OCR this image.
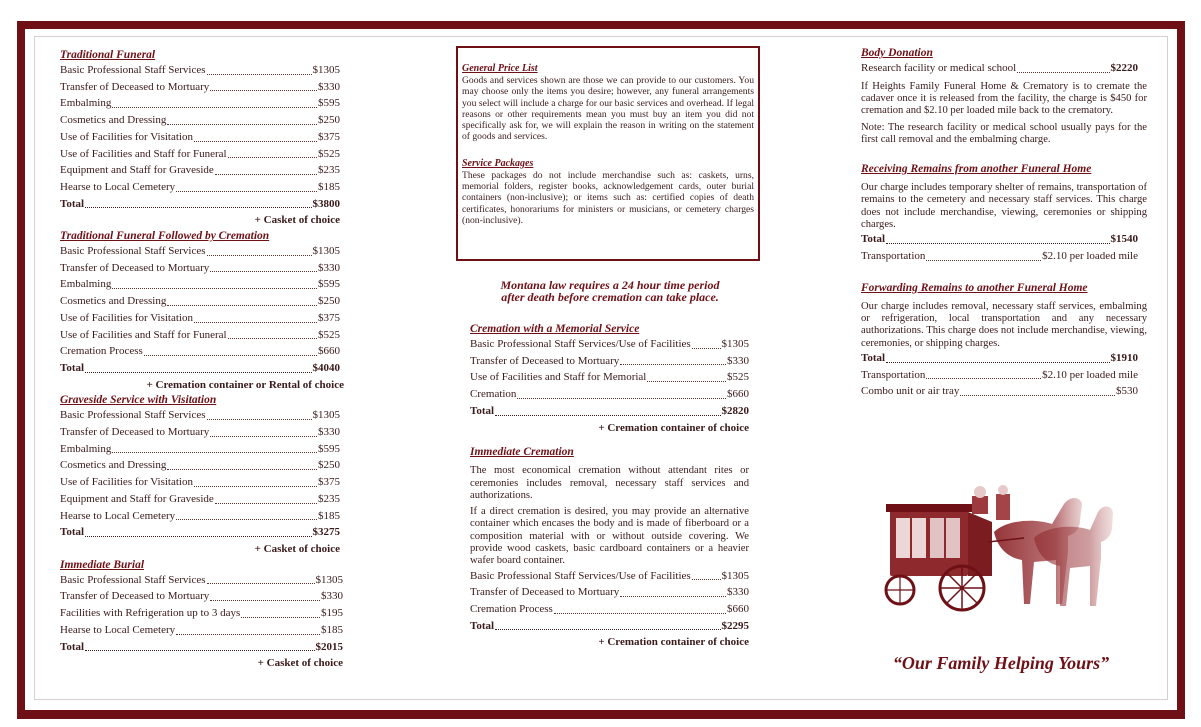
Traditional Funeral
Basic Professional Staff Services	$1305
Transfer of Deceased to Mortuary	$330
Embalming	$595
Cosmetics and Dressing	$250
Use of Facilities for Visitation	$375
Use of Facilities and Staff for Funeral	$525
Equipment and Staff for Graveside	$235
Hearse to Local Cemetery	$185
Total	$3800
+ Casket of choice
Traditional Funeral Followed by Cremation
Basic Professional Staff Services	$1305
Transfer of Deceased to Mortuary	$330
Embalming	$595
Cosmetics and Dressing	$250
Use of Facilities for Visitation	$375
Use of Facilities and Staff for Funeral	$525
Cremation Process	$660
Total	$4040
+ Cremation container or Rental of choice
Graveside Service with Visitation
Basic Professional Staff Services	$1305
Transfer of Deceased to Mortuary	$330
Embalming	$595
Cosmetics and Dressing	$250
Use of Facilities for Visitation	$375
Equipment and Staff for Graveside	$235
Hearse to Local Cemetery	$185
Total	$3275
+ Casket of choice
Immediate Burial
Basic Professional Staff Services	$1305
Transfer of Deceased to Mortuary	$330
Facilities with Refrigeration up to 3 days	$195
Hearse to Local Cemetery	$185
Total	$2015
+ Casket of choice
General Price List
Goods and services shown are those we can provide to our customers. You may choose only the items you desire; however, any funeral arrangements you select will include a charge for our basic services and overhead. If legal reasons or other requirements mean you must buy an item you did not specifically ask for, we will explain the reason in writing on the statement of goods and services.
Service Packages
These packages do not include merchandise such as: caskets, urns, memorial folders, register books, acknowledgement cards, outer burial containers (non-inclusive); or items such as: certified copies of death certificates, honorariums for ministers or musicians, or cemetery charges (non-inclusive).
Montana law requires a 24 hour time period
after death before cremation can take place.
Cremation with a Memorial Service
Basic Professional Staff Services/Use of Facilities	$1305
Transfer of Deceased to Mortuary	$330
Use of Facilities and Staff for Memorial	$525
Cremation	$660
Total	$2820
+ Cremation container of choice
Immediate Cremation
The most economical cremation without attendant rites or ceremonies includes removal, necessary staff services and authorizations.
If a direct cremation is desired, you may provide an alternative container which encases the body and is made of fiberboard or a composition material with or without outside covering. We provide wood caskets, basic cardboard containers or a heavier wafer board container.
Basic Professional Staff Services/Use of Facilities	$1305
Transfer of Deceased to Mortuary	$330
Cremation Process	$660
Total	$2295
+ Cremation container of choice
Body Donation
Research facility or medical school	$2220
If Heights Family Funeral Home & Crematory is to cremate the cadaver once it is released from the facility, the charge is $450 for cremation and $2.10 per loaded mile back to the crematory.
Note: The research facility or medical school usually pays for the first call removal and the embalming charge.
Receiving Remains from another Funeral Home
Our charge includes temporary shelter of remains, transportation of remains to the cemetery and necessary staff services. This charge does not include merchandise, viewing, ceremonies or shipping charges.
Total	$1540
Transportation	$2.10 per loaded mile
Forwarding Remains to another Funeral Home
Our charge includes removal, necessary staff services, embalming or refrigeration, local transportation and any necessary authorizations. This charge does not include merchandise, viewing, ceremonies, or shipping charges.
Total	$1910
Transportation	$2.10 per loaded mile
Combo unit or air tray	$530
“Our Family Helping Yours”
